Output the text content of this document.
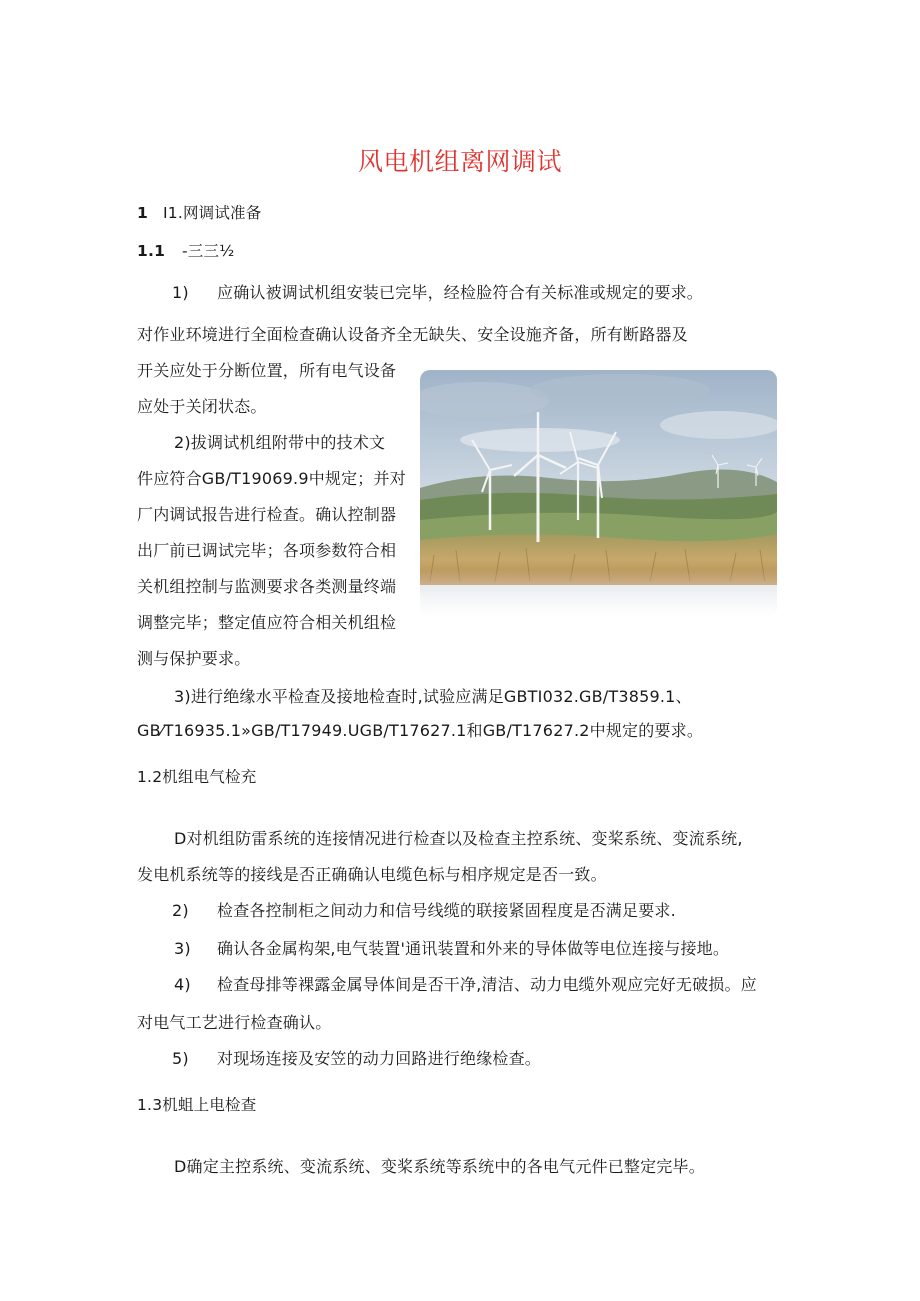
风电机组离网调试
1 I1.网调试准备
1.1 -三三½
1) 应确认被调试机组安装已完毕，经检脸符合有关标准或规定的要求。
对作业环境进行全面检查确认设备齐全无缺失、安全设施齐备，所有断路器及
开关应处于分断位置，所有电气设备
应处于关闭状态。
2)拔调试机组附带中的技术文
件应符合GB/T19069.9中规定；并对
厂内调试报告进行检查。确认控制器
出厂前已调试完毕；各项参数符合相
关机组控制与监测要求各类测量终端
调整完毕；整定值应符合相关机组检
测与保护要求。
3)进行绝缘水平检查及接地检查时,试验应满足GBTI032.GB/T3859.1、
GB⁄T16935.1»GB/T17949.UGB/T17627.1和GB/T17627.2中规定的要求。
1.2机组电气检充
D对机组防雷系统的连接情况进行检查以及检查主控系统、变桨系统、变流系统,
发电机系统等的接线是否正确确认电缆色标与相序规定是否一致。
2) 检查各控制柜之间动力和信号线缆的联接紧固程度是否满足要求.
3) 确认各金属构架,电气装置'通讯装置和外来的导体做等电位连接与接地。
4) 检查母排等裸露金属导体间是否干净,清洁、动力电缆外观应完好无破损。应
对电气工艺进行检查确认。
5) 对现场连接及安笠的动力回路进行绝缘检查。
1.3机蛆上电检查
D确定主控系统、变流系统、变桨系统等系统中的各电气元件已整定完毕。
